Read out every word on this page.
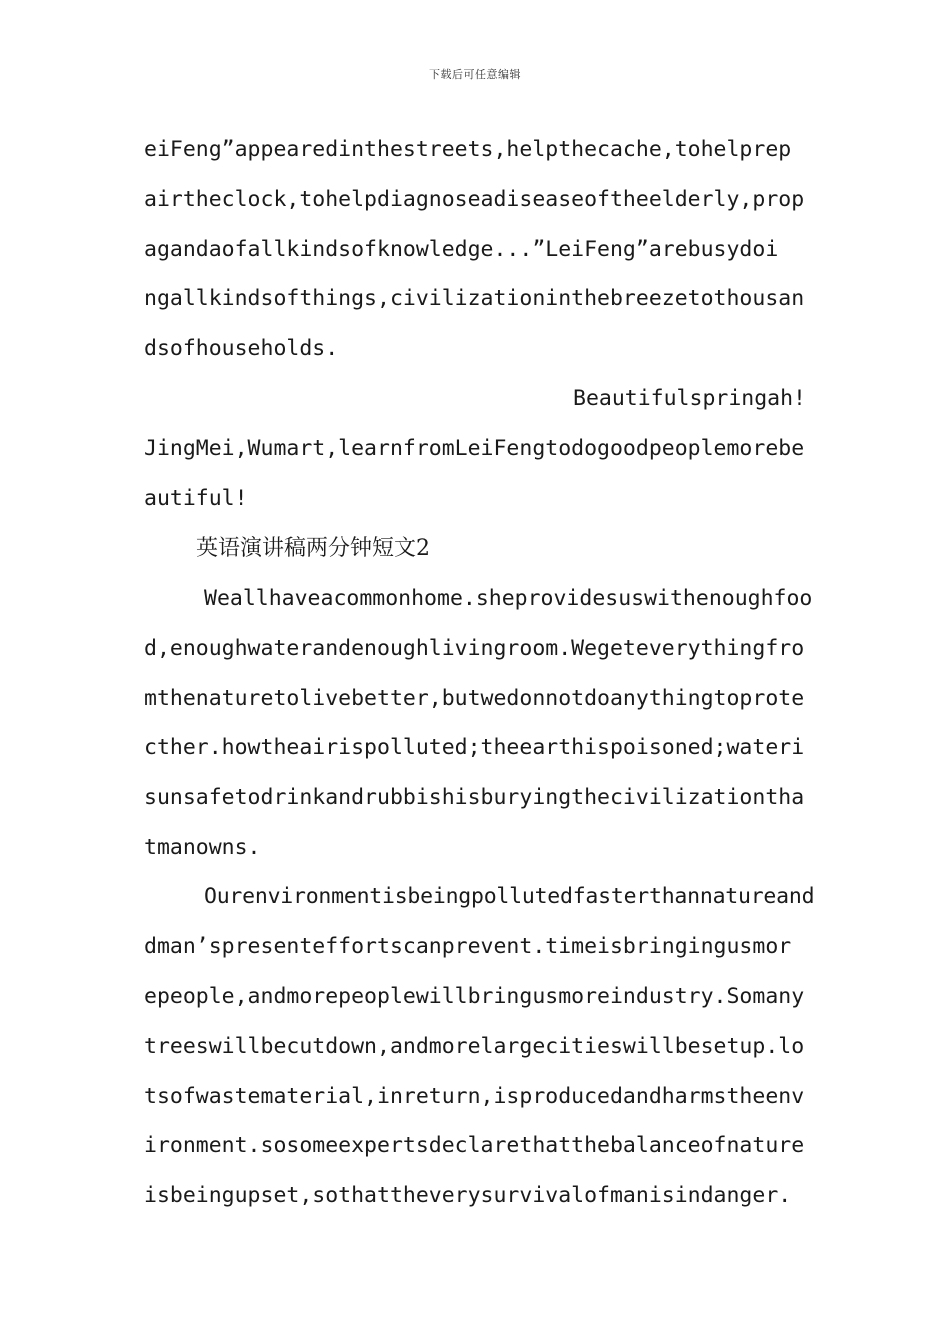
下载后可任意编辑
eiFeng”appearedinthestreets,helpthecache,tohelprep
airtheclock,tohelpdiagnoseadiseaseoftheelderly,prop
agandaofallkindsofknowledge...”LeiFeng”arebusydoi
ngallkindsofthings,civilizationinthebreezetothousan
dsofhouseholds.
Beautifulspringah!
JingMei,Wumart,learnfromLeiFengtodogoodpeoplemorebe
autiful!
英语演讲稿两分钟短文2
Weallhaveacommonhome.sheprovidesuswithenoughfoo
d,enoughwaterandenoughlivingroom.Wegeteverythingfro
mthenaturetolivebetter,butwedonnotdoanythingtoprote
cther.howtheairispolluted;theearthispoisoned;wateri
sunsafetodrinkandrubbishisburyingthecivilizationtha
tmanowns.
Ourenvironmentisbeingpollutedfasterthannatureand
dman’spresenteffortscanprevent.timeisbringingusmor
epeople,andmorepeoplewillbringusmoreindustry.Somany
treeswillbecutdown,andmorelargecitieswillbesetup.lo
tsofwastematerial,inreturn,isproducedandharmstheenv
ironment.sosomeexpertsdeclarethatthebalanceofnature
isbeingupset,sothattheverysurvivalofmanisindanger.
